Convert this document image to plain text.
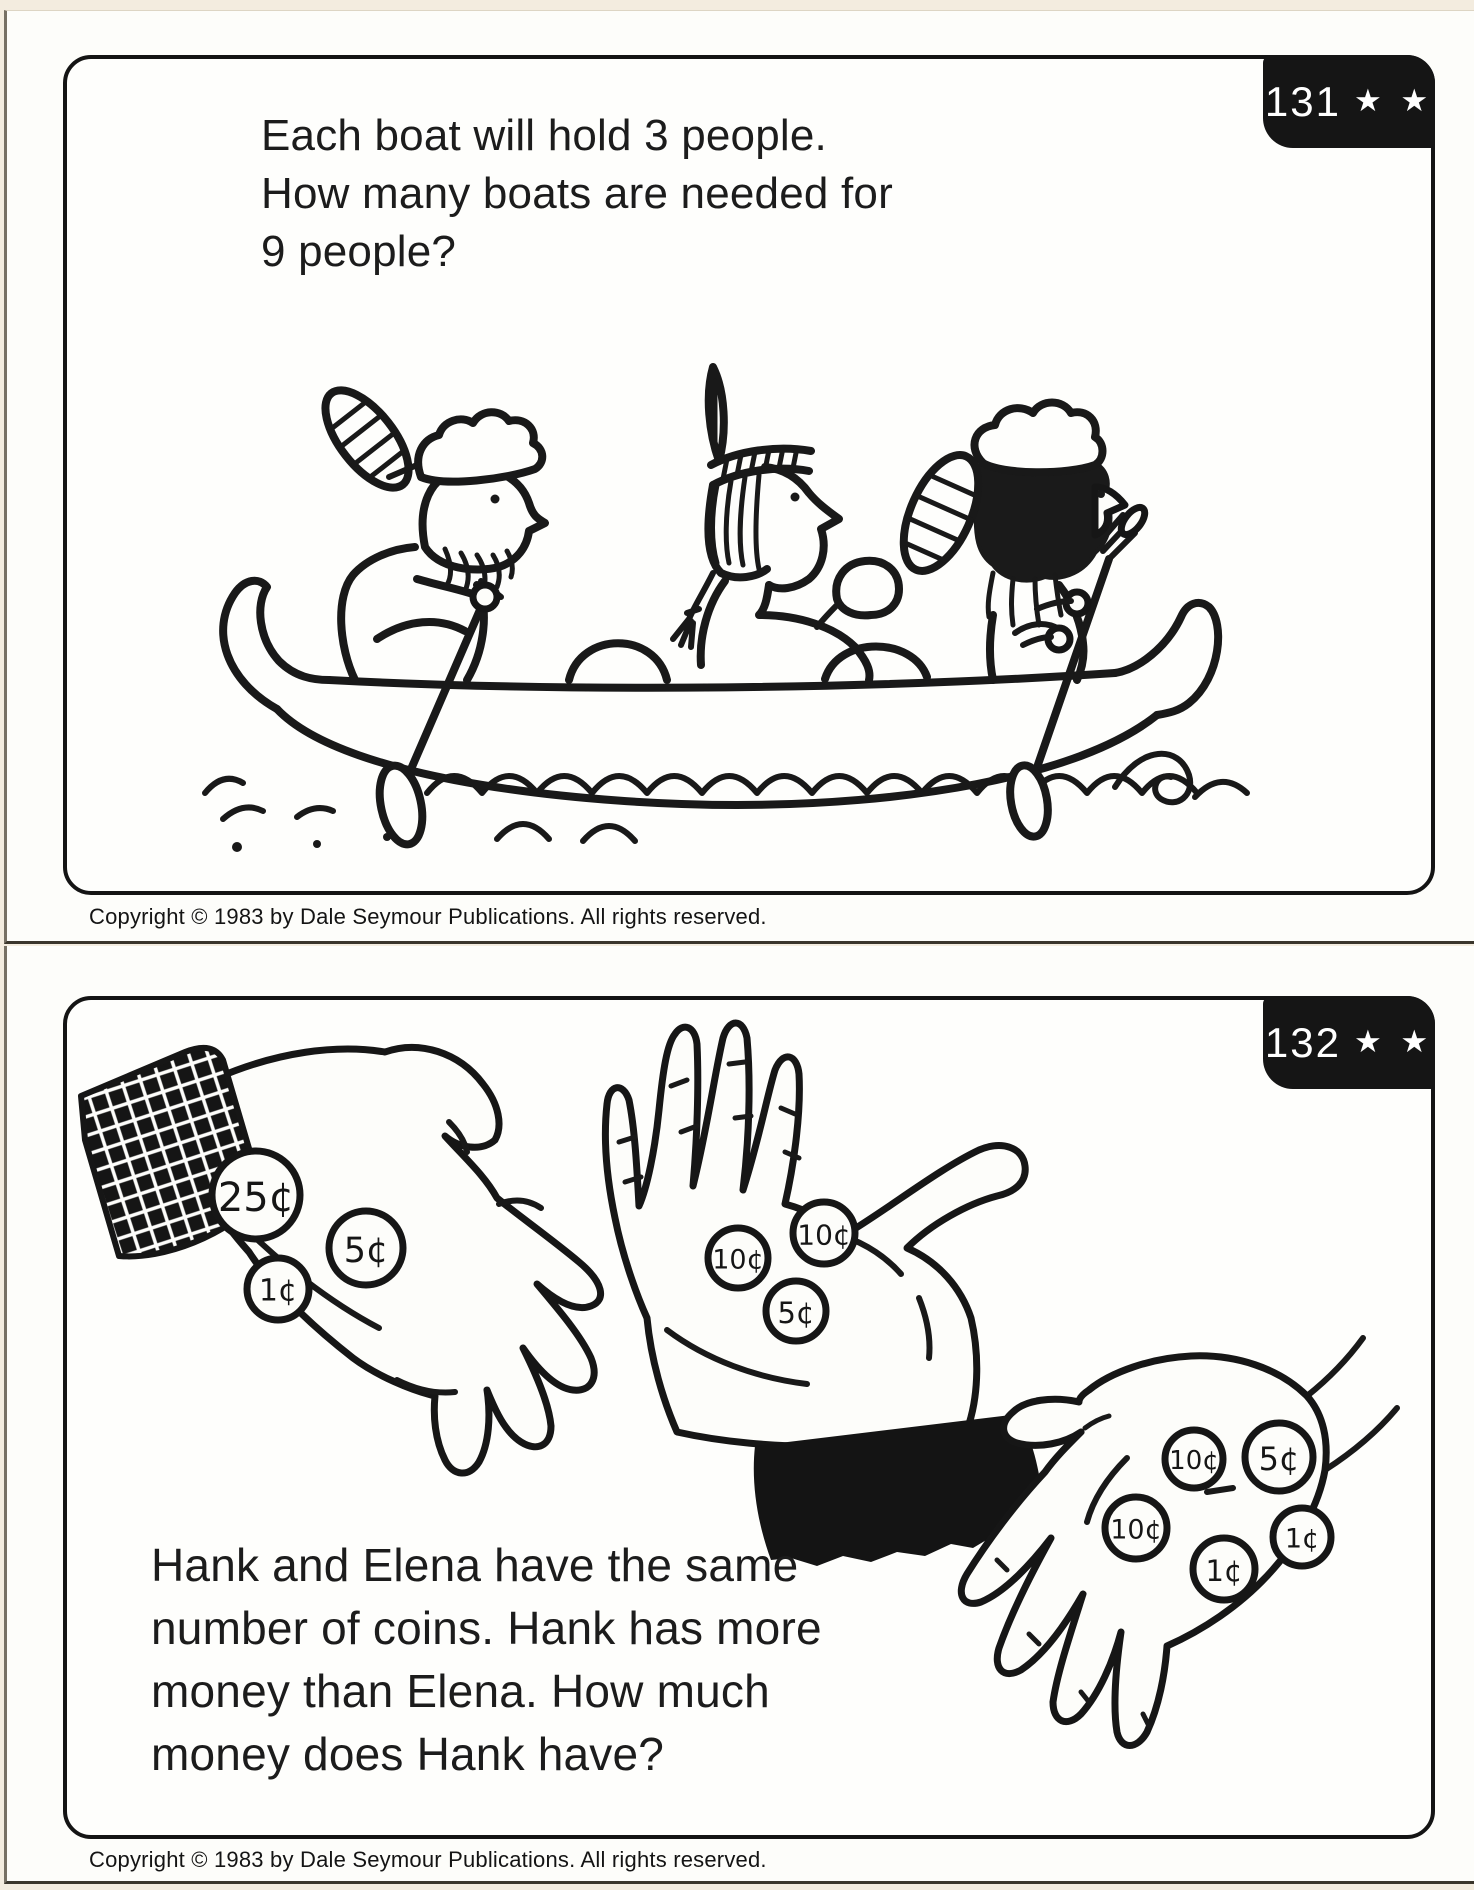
131 ★ ★
Each boat will hold 3 people.
How many boats are needed for
9 people?
Copyright © 1983 by Dale Seymour Publications. All rights reserved.
25¢
5¢
1¢
10¢
10¢
5¢
10¢ 5¢
10¢
1¢
1¢
132 ★ ★
Hank and Elena have the same
number of coins. Hank has more
money than Elena. How much
money does Hank have?
Copyright © 1983 by Dale Seymour Publications. All rights reserved.
